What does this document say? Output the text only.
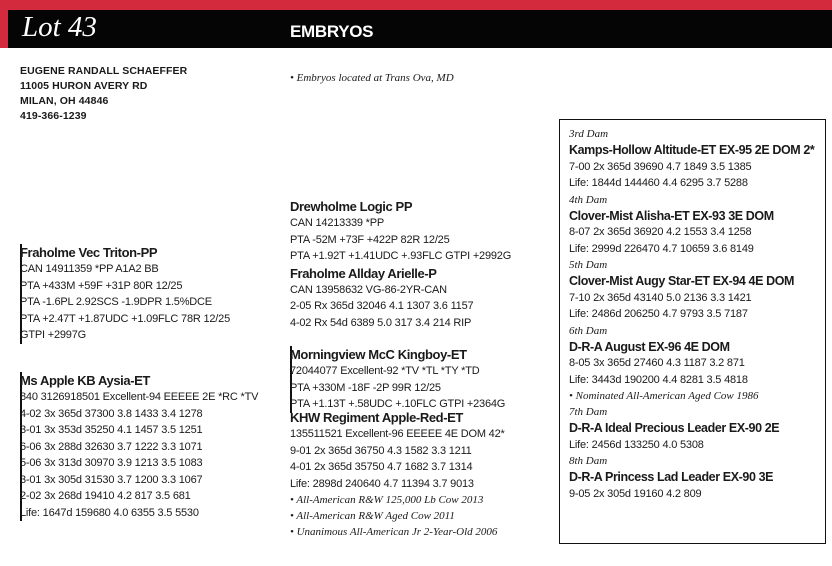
Lot 43	EMBRYOS
EUGENE RANDALL SCHAEFFER
11005 HURON AVERY RD
MILAN, OH 44846
419-366-1239
• Embryos located at Trans Ova, MD
Fraholme Vec Triton-PP
CAN 14911359 *PP A1A2 BB
PTA +433M +59F +31P 80R 12/25
PTA -1.6PL 2.92SCS -1.9DPR 1.5%DCE
PTA +2.47T +1.87UDC +1.09FLC 78R 12/25
GTPI +2997G
Ms Apple KB Aysia-ET
840 3126918501 Excellent-94 EEEEE 2E *RC *TV
4-02 3x 365d 37300 3.8 1433 3.4 1278
3-01 3x 353d 35250 4.1 1457 3.5 1251
6-06 3x 288d 32630 3.7 1222 3.3 1071
5-06 3x 313d 30970 3.9 1213 3.5 1083
3-01 3x 305d 31530 3.7 1200 3.3 1067
2-02 3x 268d 19410 4.2 817 3.5 681
Life: 1647d 159680 4.0 6355 3.5 5530
Drewholme Logic PP
CAN 14213339 *PP
PTA -52M +73F +422P 82R 12/25
PTA +1.92T +1.41UDC +.93FLC GTPI +2992G
Fraholme Allday Arielle-P
CAN 13958632 VG-86-2YR-CAN
2-05 Rx 365d 32046 4.1 1307 3.6 1157
4-02 Rx 54d 6389 5.0 317 3.4 214 RIP
Morningview McC Kingboy-ET
72044077 Excellent-92 *TV *TL *TY *TD
PTA +330M -18F -2P 99R 12/25
PTA +1.13T +.58UDC +.10FLC GTPI +2364G
KHW Regiment Apple-Red-ET
135511521 Excellent-96 EEEEE 4E DOM 42*
9-01 2x 365d 36750 4.3 1582 3.3 1211
4-01 2x 365d 35750 4.7 1682 3.7 1314
Life: 2898d 240640 4.7 11394 3.7 9013
• All-American R&W 125,000 Lb Cow 2013
• All-American R&W Aged Cow 2011
• Unanimous All-American Jr 2-Year-Old 2006
3rd Dam
Kamps-Hollow Altitude-ET EX-95 2E DOM 2*
7-00 2x 365d 39690 4.7 1849 3.5 1385
Life: 1844d 144460 4.4 6295 3.7 5288
4th Dam
Clover-Mist Alisha-ET EX-93 3E DOM
8-07 2x 365d 36920 4.2 1553 3.4 1258
Life: 2999d 226470 4.7 10659 3.6 8149
5th Dam
Clover-Mist Augy Star-ET EX-94 4E DOM
7-10 2x 365d 43140 5.0 2136 3.3 1421
Life: 2486d 206250 4.7 9793 3.5 7187
6th Dam
D-R-A August EX-96 4E DOM
8-05 3x 365d 27460 4.3 1187 3.2 871
Life: 3443d 190200 4.4 8281 3.5 4818
• Nominated All-American Aged Cow 1986
7th Dam
D-R-A Ideal Precious Leader EX-90 2E
Life: 2456d 133250 4.0 5308
8th Dam
D-R-A Princess Lad Leader EX-90 3E
9-05 2x 305d 19160 4.2 809
